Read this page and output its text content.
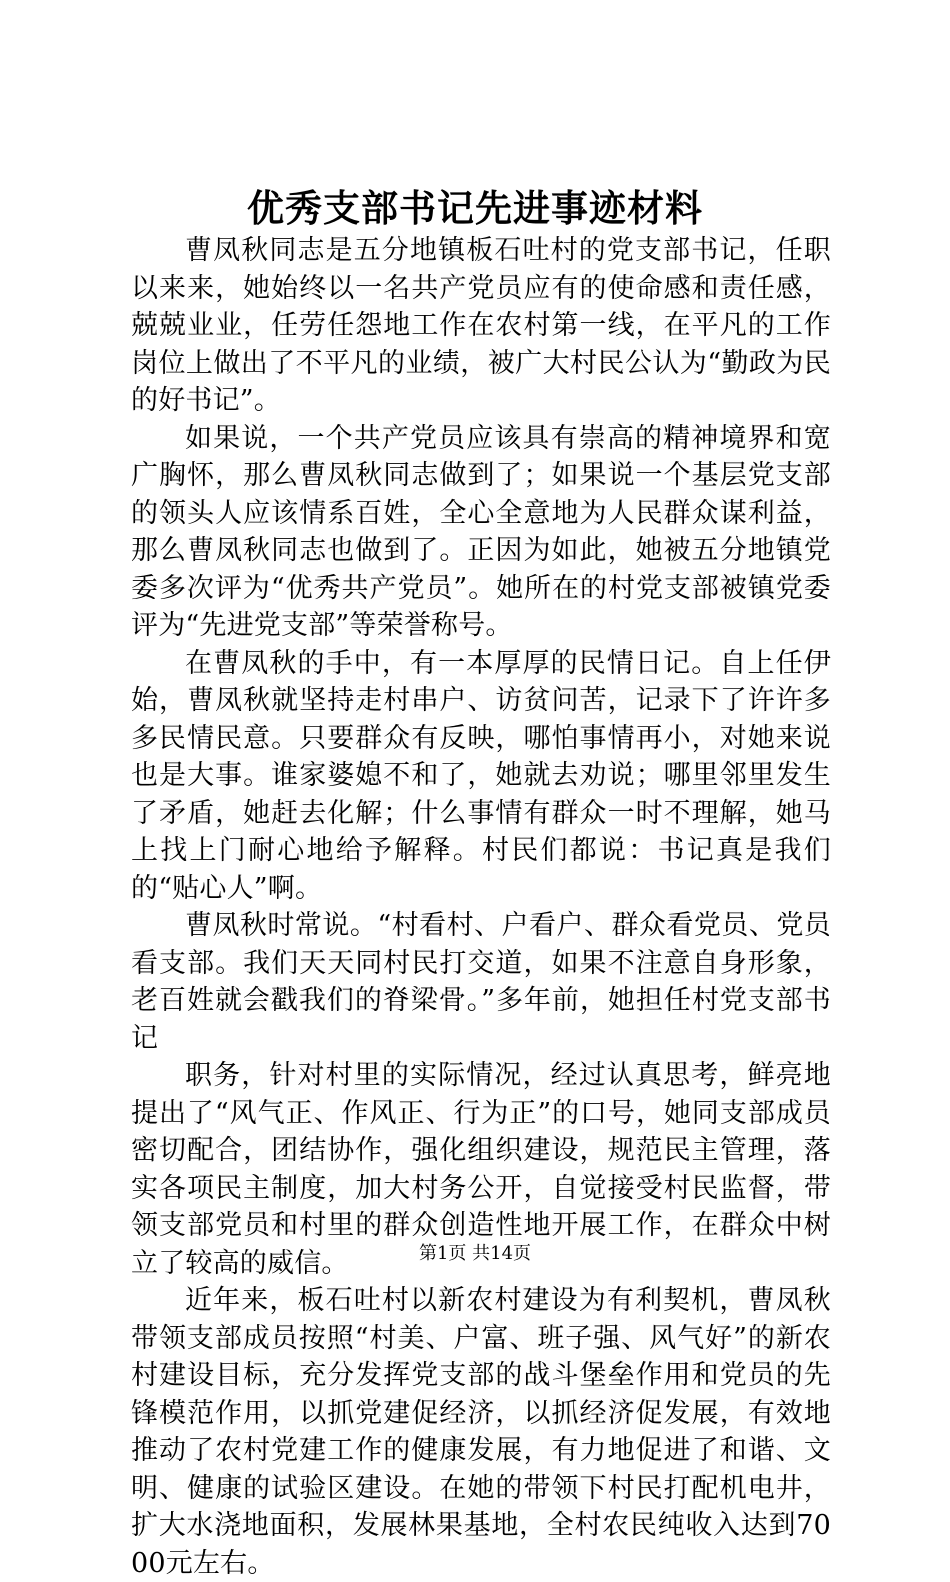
优秀支部书记先进事迹材料

曹凤秋同志是五分地镇板石吐村的党支部书记，任职以来来，她始终以一名共产党员应有的使命感和责任感，兢兢业业，任劳任怨地工作在农村第一线，在平凡的工作岗位上做出了不平凡的业绩，被广大村民公认为“勤政为民的好书记”。

如果说，一个共产党员应该具有崇高的精神境界和宽广胸怀，那么曹凤秋同志做到了；如果说一个基层党支部的领头人应该情系百姓，全心全意地为人民群众谋利益，那么曹凤秋同志也做到了。正因为如此，她被五分地镇党委多次评为“优秀共产党员”。她所在的村党支部被镇党委评为“先进党支部”等荣誉称号。

在曹凤秋的手中，有一本厚厚的民情日记。自上任伊始，曹凤秋就坚持走村串户、访贫问苦，记录下了许许多多民情民意。只要群众有反映，哪怕事情再小，对她来说也是大事。谁家婆媳不和了，她就去劝说；哪里邻里发生了矛盾，她赶去化解；什么事情有群众一时不理解，她马上找上门耐心地给予解释。村民们都说：书记真是我们的“贴心人”啊。

曹凤秋时常说。“村看村、户看户、群众看党员、党员看支部。我们天天同村民打交道，如果不注意自身形象，老百姓就会戳我们的脊梁骨。”多年前，她担任村党支部书记

职务，针对村里的实际情况，经过认真思考，鲜亮地提出了“风气正、作风正、行为正”的口号，她同支部成员密切配合，团结协作，强化组织建设，规范民主管理，落实各项民主制度，加大村务公开，自觉接受村民监督，带领支部党员和村里的群众创造性地开展工作，在群众中树立了较高的威信。

近年来，板石吐村以新农村建设为有利契机，曹凤秋带领支部成员按照“村美、户富、班子强、风气好”的新农村建设目标，充分发挥党支部的战斗堡垒作用和党员的先锋模范作用，以抓党建促经济，以抓经济促发展，有效地推动了农村党建工作的健康发展，有力地促进了和谐、文明、健康的试验区建设。在她的带领下村民打配机电井，扩大水浇地面积，发展林果基地，全村农民纯收入达到7000元左右。

第1页 共14页
